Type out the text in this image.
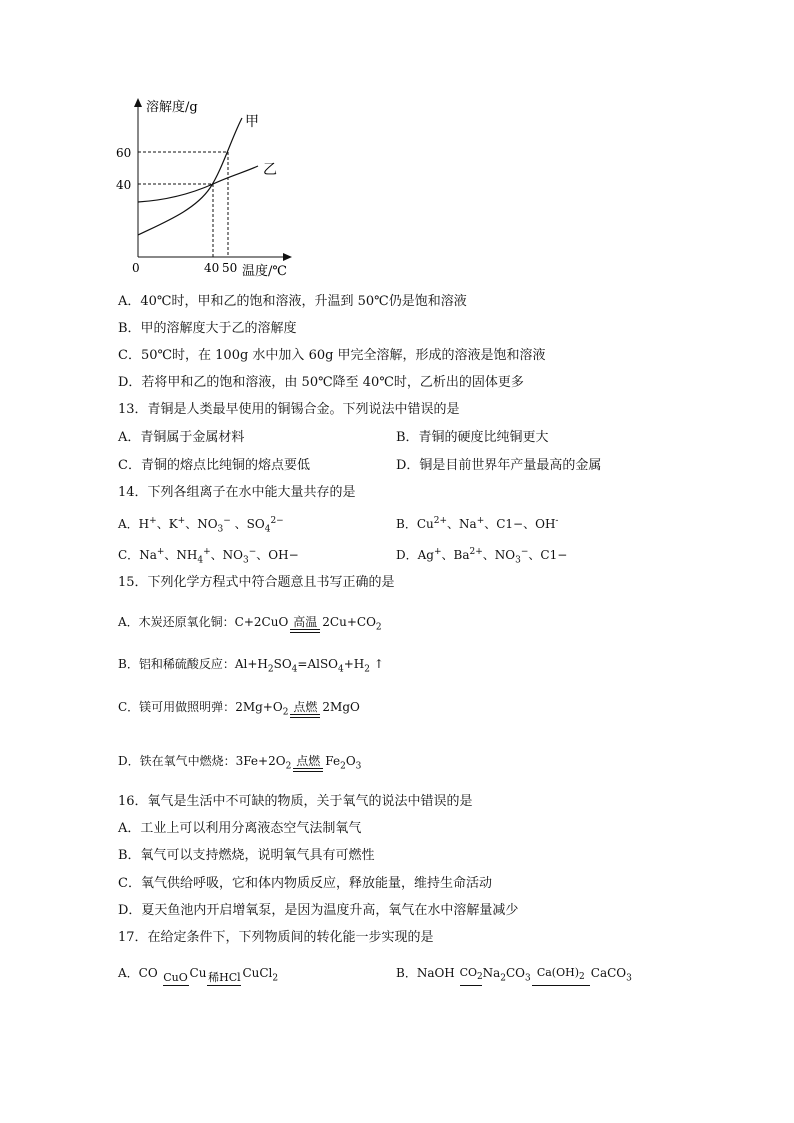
溶解度/g
温度/℃
0
60
40
40 50
甲
乙
A．40℃时，甲和乙的饱和溶液，升温到 50℃仍是饱和溶液
B．甲的溶解度大于乙的溶解度
C．50℃时，在 100g 水中加入 60g 甲完全溶解，形成的溶液是饱和溶液
D．若将甲和乙的饱和溶液，由 50℃降至 40℃时，乙析出的固体更多
13．青铜是人类最早使用的铜锡合金。下列说法中错误的是
A．青铜属于金属材料	B．青铜的硬度比纯铜更大
C．青铜的熔点比纯铜的熔点要低	D．铜是目前世界年产量最高的金属
14．下列各组离子在水中能大量共存的是
A．H+、K+、$NO_3^-$ 、$SO_4^{2-}$	B．$Cu^{2+}$、Na+、C1−、OH-
C．Na+、$NH_4^+$、$NO_3^-$、OH−	D．Ag+、$Ba^{2+}$、$NO_3^-$、C1−
15．下列化学方程式中符合题意且书写正确的是
A．木炭还原氧化铜：C+2CuO 高温 $2Cu+CO_2$
B．铝和稀硫酸反应：$Al+H_2SO_4=AlSO_4+H_2$ ↑
C．镁可用做照明弹：$2Mg+O_2$ 点燃 2MgO
D．铁在氧气中燃烧：$3Fe+2O_2$ 点燃 $Fe_2O_3$
16．氧气是生活中不可缺的物质，关于氧气的说法中错误的是
A．工业上可以利用分离液态空气法制氧气
B．氧气可以支持燃烧，说明氧气具有可燃性
C．氧气供给呼吸，它和体内物质反应，释放能量，维持生命活动
D．夏天鱼池内开启增氧泵，是因为温度升高，氧气在水中溶解量减少
17．在给定条件下，下列物质间的转化能一步实现的是
A．CO CuO Cu 稀HCl CuCl$_2$	B．NaOH $CO_2$ $Na_2CO_3$ $Ca(OH)_2$ CaCO$_3$
